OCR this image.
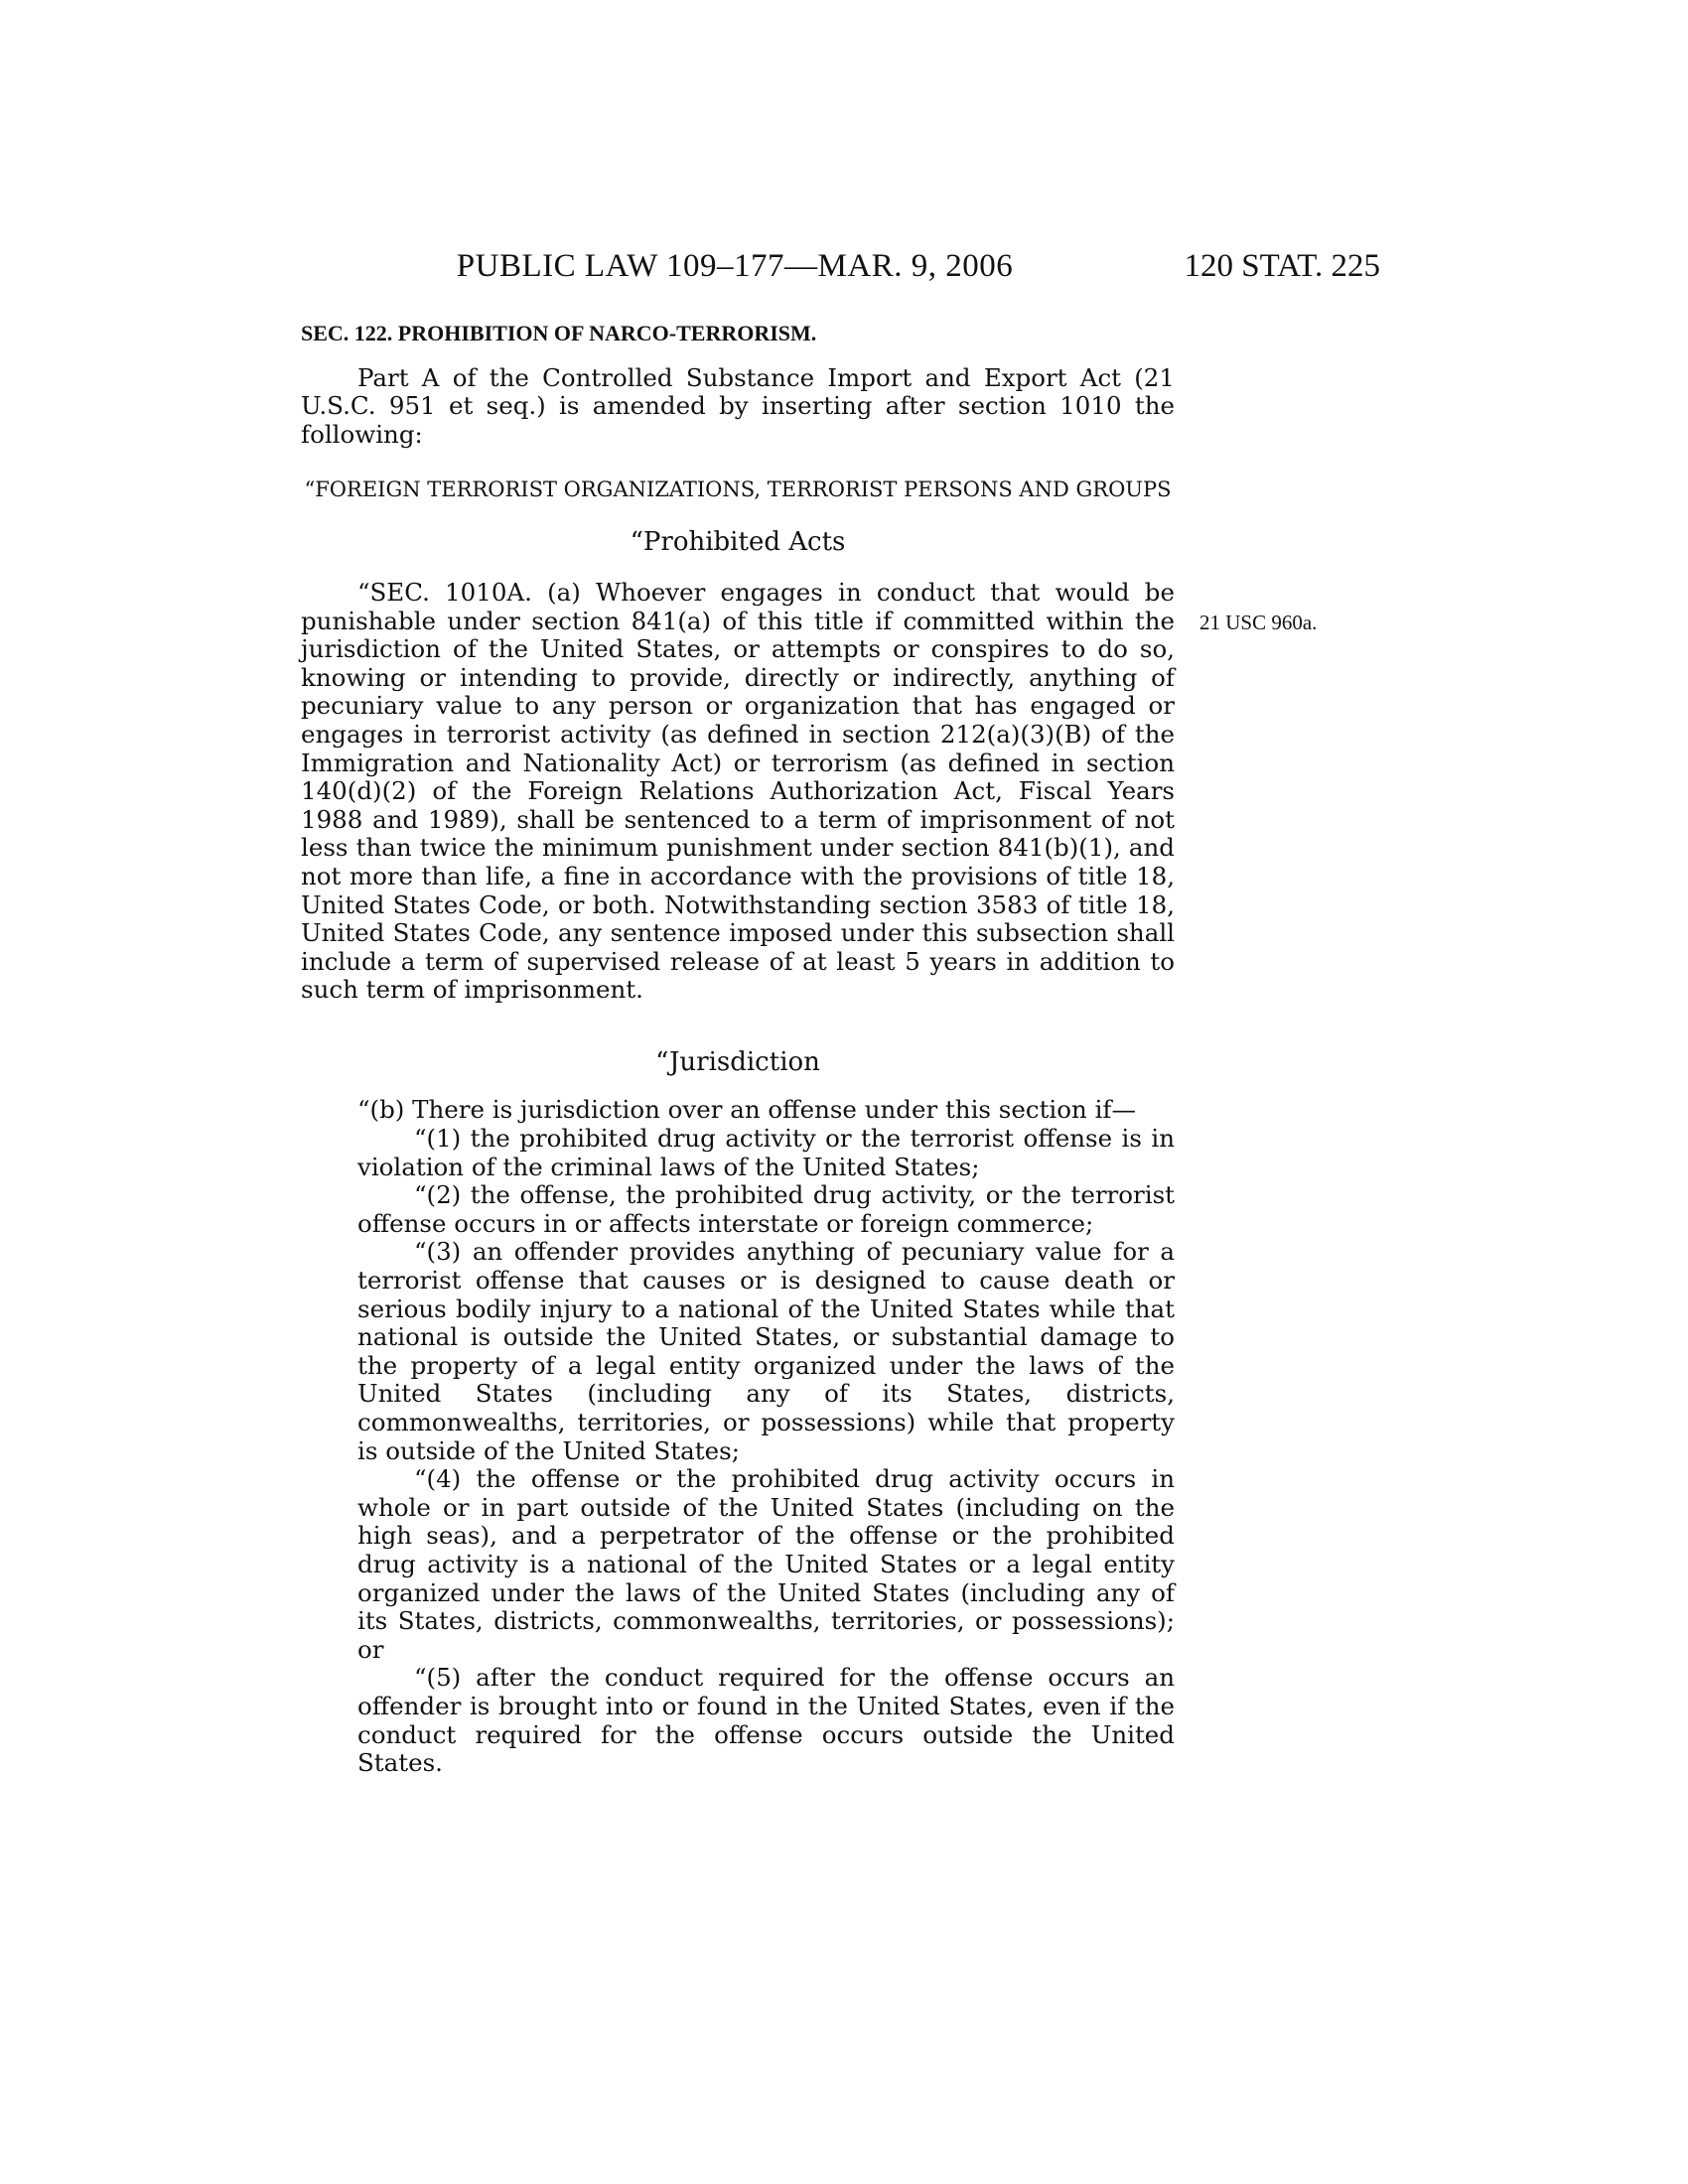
PUBLIC LAW 109–177—MAR. 9, 2006	120 STAT. 225
21 USC 960a.
SEC. 122. PROHIBITION OF NARCO-TERRORISM.

Part A of the Controlled Substance Import and Export Act (21 U.S.C. 951 et seq.) is amended by inserting after section 1010 the following:

“FOREIGN TERRORIST ORGANIZATIONS, TERRORIST PERSONS AND GROUPS
“Prohibited Acts

“SEC. 1010A. (a) Whoever engages in conduct that would be punishable under section 841(a) of this title if committed within the jurisdiction of the United States, or attempts or conspires to do so, knowing or intending to provide, directly or indirectly, anything of pecuniary value to any person or organization that has engaged or engages in terrorist activity (as defined in section 212(a)(3)(B) of the Immigration and Nationality Act) or terrorism (as defined in section 140(d)(2) of the Foreign Relations Authorization Act, Fiscal Years 1988 and 1989), shall be sentenced to a term of imprisonment of not less than twice the minimum punishment under section 841(b)(1), and not more than life, a fine in accordance with the provisions of title 18, United States Code, or both. Notwithstanding section 3583 of title 18, United States Code, any sentence imposed under this subsection shall include a term of supervised release of at least 5 years in addition to such term of imprisonment.

“Jurisdiction

“(b) There is jurisdiction over an offense under this section if—

“(1) the prohibited drug activity or the terrorist offense is in violation of the criminal laws of the United States;

“(2) the offense, the prohibited drug activity, or the terrorist offense occurs in or affects interstate or foreign commerce;

“(3) an offender provides anything of pecuniary value for a terrorist offense that causes or is designed to cause death or serious bodily injury to a national of the United States while that national is outside the United States, or substantial damage to the property of a legal entity organized under the laws of the United States (including any of its States, districts, commonwealths, territories, or possessions) while that property is outside of the United States;

“(4) the offense or the prohibited drug activity occurs in whole or in part outside of the United States (including on the high seas), and a perpetrator of the offense or the prohibited drug activity is a national of the United States or a legal entity organized under the laws of the United States (including any of its States, districts, commonwealths, territories, or possessions); or

“(5) after the conduct required for the offense occurs an offender is brought into or found in the United States, even if the conduct required for the offense occurs outside the United States.
